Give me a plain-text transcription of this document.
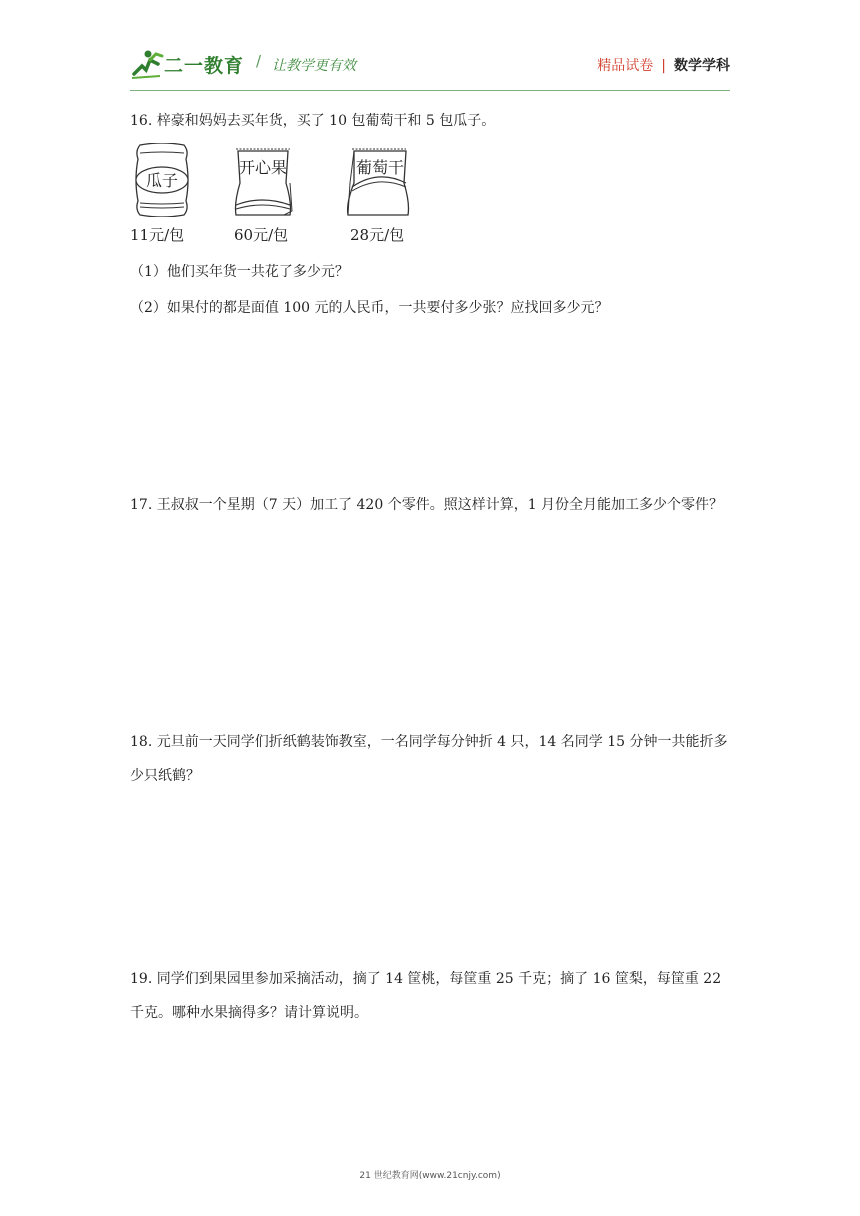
二一教育 / 让教学更有效	精品试卷 | 数学学科
16. 梓豪和妈妈去买年货，买了 10 包葡萄干和 5 包瓜子。
瓜子
11元/包
开心果
60元/包
葡萄干
28元/包
（1）他们买年货一共花了多少元？
（2）如果付的都是面值 100 元的人民币，一共要付多少张？应找回多少元？
17. 王叔叔一个星期（7 天）加工了 420 个零件。照这样计算，1 月份全月能加工多少个零件？
18. 元旦前一天同学们折纸鹤装饰教室，一名同学每分钟折 4 只，14 名同学 15 分钟一共能折多少只纸鹤？
19. 同学们到果园里参加采摘活动，摘了 14 筐桃，每筐重 25 千克；摘了 16 筐梨，每筐重 22 千克。哪种水果摘得多？请计算说明。
21 世纪教育网(www.21cnjy.com)
